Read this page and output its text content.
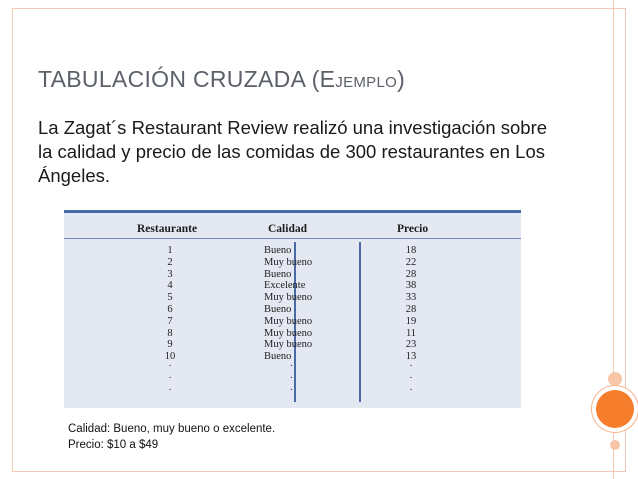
TABULACIÓN CRUZADA (EJEMPLO)
La Zagat´s Restaurant Review realizó una investigación sobre la calidad y precio de las comidas de 300 restaurantes en Los Ángeles.
Restaurante	Calidad	Precio
1
2
3
4
5
6
7
8
9
10
·
·
·
Bueno
Muy bueno
Bueno
Excelente
Muy bueno
Bueno
Muy bueno
Muy bueno
Muy bueno
Bueno
·
·
·
18
22
28
38
33
28
19
11
23
13
·
·
·
Calidad: Bueno, muy bueno o excelente.
Precio: $10 a $49
